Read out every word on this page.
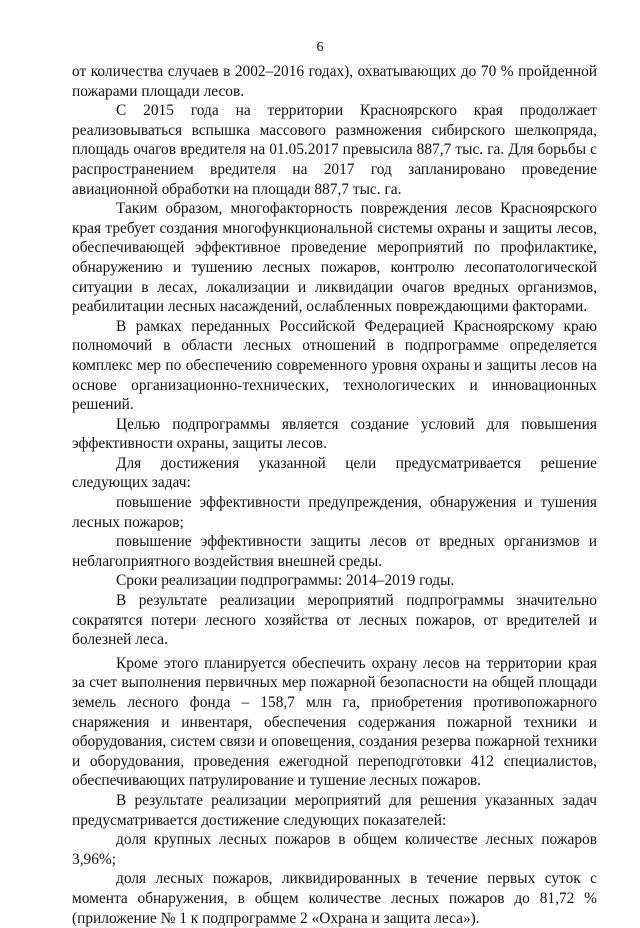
6

от количества случаев в 2002–2016 годах), охватывающих до 70 % пройденной пожарами площади лесов.

С 2015 года на территории Красноярского края продолжает реализовываться вспышка массового размножения сибирского шелкопряда, площадь очагов вредителя на 01.05.2017 превысила 887,7 тыс. га. Для борьбы с распространением вредителя на 2017 год запланировано проведение авиационной обработки на площади 887,7 тыс. га.

Таким образом, многофакторность повреждения лесов Красноярского края требует создания многофункциональной системы охраны и защиты лесов, обеспечивающей эффективное проведение мероприятий по профилактике, обнаружению и тушению лесных пожаров, контролю лесопатологической ситуации в лесах, локализации и ликвидации очагов вредных организмов, реабилитации лесных насаждений, ослабленных повреждающими факторами.

В рамках переданных Российской Федерацией Красноярскому краю полномочий в области лесных отношений в подпрограмме определяется комплекс мер по обеспечению современного уровня охраны и защиты лесов на основе организационно-технических, технологических и инновационных решений.

Целью подпрограммы является создание условий для повышения эффективности охраны, защиты лесов.

Для достижения указанной цели предусматривается решение следующих задач:

повышение эффективности предупреждения, обнаружения и тушения лесных пожаров;

повышение эффективности защиты лесов от вредных организмов и неблагоприятного воздействия внешней среды.

Сроки реализации подпрограммы: 2014–2019 годы.

В результате реализации мероприятий подпрограммы значительно сократятся потери лесного хозяйства от лесных пожаров, от вредителей и болезней леса.

Кроме этого планируется обеспечить охрану лесов на территории края за счет выполнения первичных мер пожарной безопасности на общей площади земель лесного фонда – 158,7 млн га, приобретения противопожарного снаряжения и инвентаря, обеспечения содержания пожарной техники и оборудования, систем связи и оповещения, создания резерва пожарной техники и оборудования, проведения ежегодной переподготовки 412 специалистов, обеспечивающих патрулирование и тушение лесных пожаров.

В результате реализации мероприятий для решения указанных задач предусматривается достижение следующих показателей:

доля крупных лесных пожаров в общем количестве лесных пожаров 3,96%;

доля лесных пожаров, ликвидированных в течение первых суток с момента обнаружения, в общем количестве лесных пожаров до 81,72 % (приложение № 1 к подпрограмме 2 «Охрана и защита леса»).
